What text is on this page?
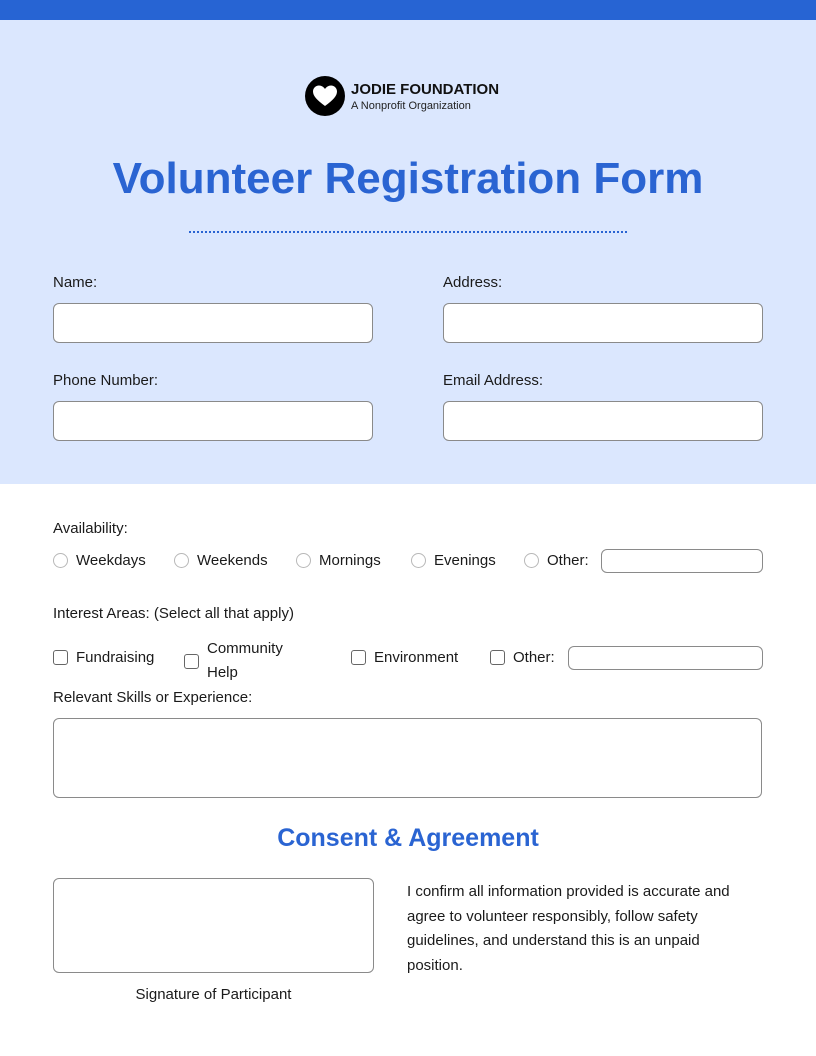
JODIE FOUNDATION
A Nonprofit Organization
Volunteer Registration Form
Name:	Address:
Phone Number:	Email Address:
Availability:
Weekdays	Weekends	Mornings	Evenings	Other:
Interest Areas: (Select all that apply)
Fundraising
Community
Help
Environment	Other:
Relevant Skills or Experience:
Consent & Agreement
Signature of Participant
I confirm all information provided is accurate and agree to volunteer responsibly, follow safety guidelines, and understand this is an unpaid position.
